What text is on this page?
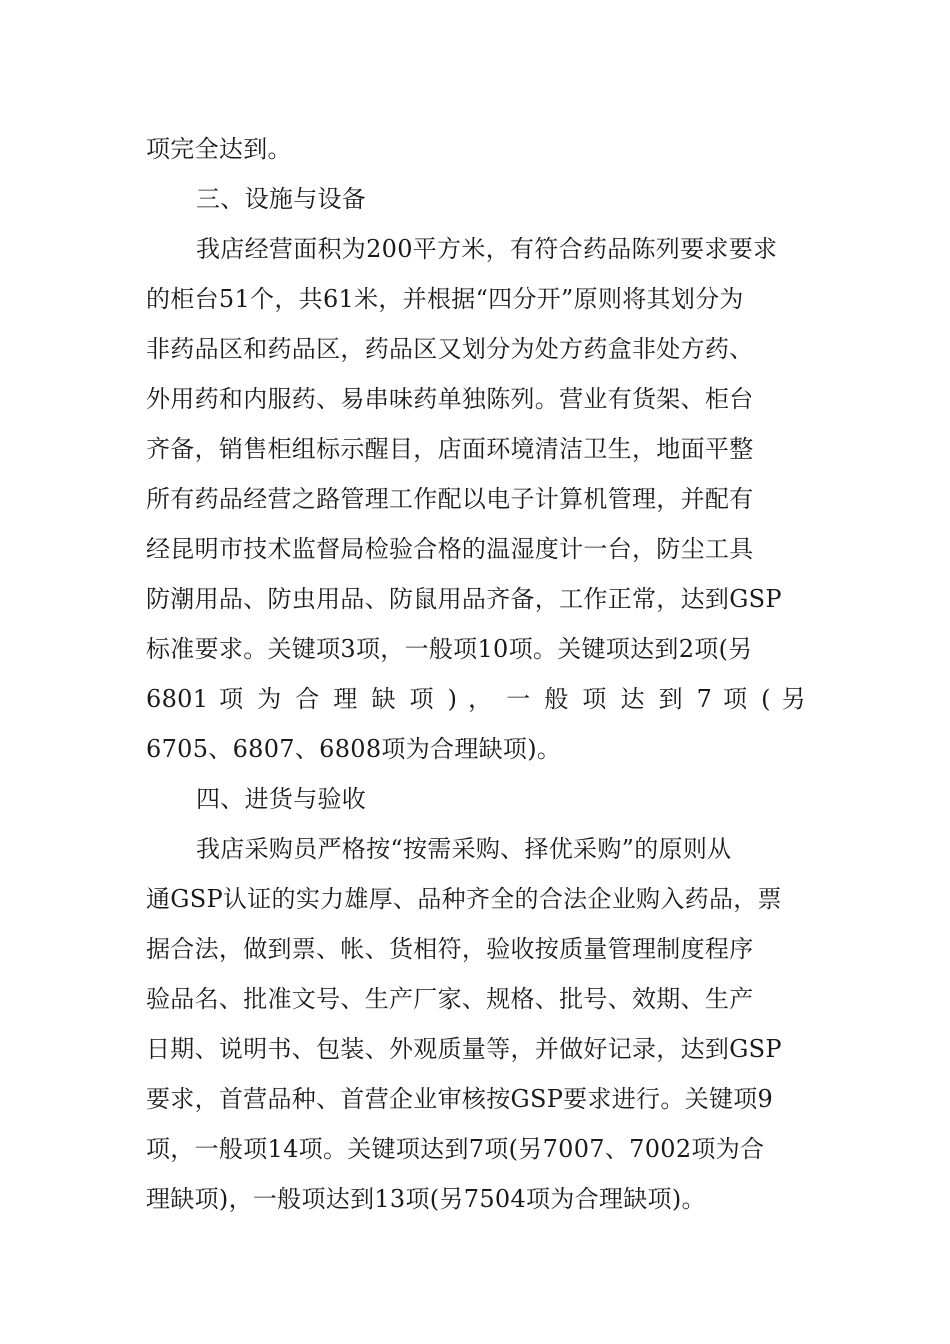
项完全达到。
三、设施与设备
我店经营面积为200平方米，有符合药品陈列要求要求
的柜台51个，共61米，并根据“四分开”原则将其划分为
非药品区和药品区，药品区又划分为处方药盒非处方药、
外用药和内服药、易串味药单独陈列。营业有货架、柜台
齐备，销售柜组标示醒目，店面环境清洁卫生，地面平整
所有药品经营之路管理工作配以电子计算机管理，并配有
经昆明市技术监督局检验合格的温湿度计一台，防尘工具
防潮用品、防虫用品、防鼠用品齐备，工作正常，达到GSP
标准要求。关键项3项，一般项10项。关键项达到2项(另
6801 项 为 合 理 缺 项 ) ， 一 般 项 达 到 7 项 ( 另
6705、6807、6808项为合理缺项)。
四、进货与验收
我店采购员严格按“按需采购、择优采购”的原则从
通GSP认证的实力雄厚、品种齐全的合法企业购入药品，票
据合法，做到票、帐、货相符，验收按质量管理制度程序
验品名、批准文号、生产厂家、规格、批号、效期、生产
日期、说明书、包装、外观质量等，并做好记录，达到GSP
要求，首营品种、首营企业审核按GSP要求进行。关键项9
项，一般项14项。关键项达到7项(另7007、7002项为合
理缺项)，一般项达到13项(另7504项为合理缺项)。
